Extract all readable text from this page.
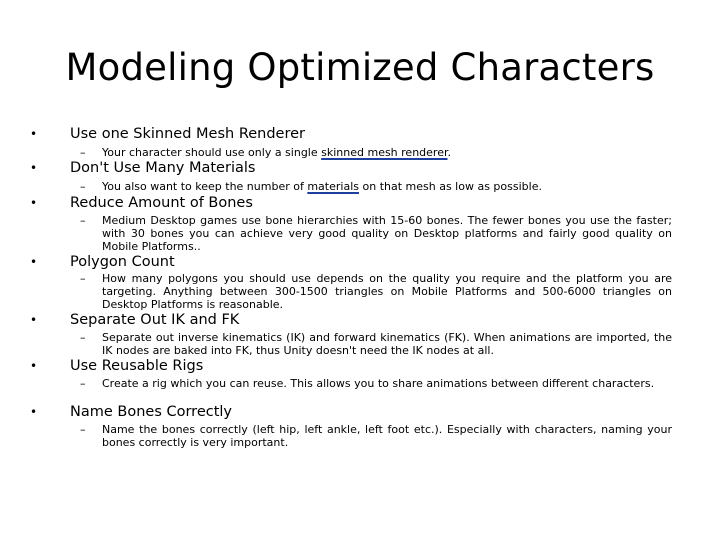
Modeling Optimized Characters
• Use one Skinned Mesh Renderer
– Your character should use only a single skinned mesh renderer.
• Don't Use Many Materials
– You also want to keep the number of materials on that mesh as low as possible.
• Reduce Amount of Bones
– Medium Desktop games use bone hierarchies with 15-60 bones. The fewer bones you use the faster; with 30 bones you can achieve very good quality on Desktop platforms and fairly good quality on Mobile Platforms..
• Polygon Count
– How many polygons you should use depends on the quality you require and the platform you are targeting. Anything between 300-1500 triangles on Mobile Platforms and 500-6000 triangles on Desktop Platforms is reasonable.
• Separate Out IK and FK
– Separate out inverse kinematics (IK) and forward kinematics (FK). When animations are imported, the IK nodes are baked into FK, thus Unity doesn't need the IK nodes at all.
• Use Reusable Rigs
– Create a rig which you can reuse. This allows you to share animations between different characters.
• Name Bones Correctly
– Name the bones correctly (left hip, left ankle, left foot etc.). Especially with characters, naming your bones correctly is very important.
